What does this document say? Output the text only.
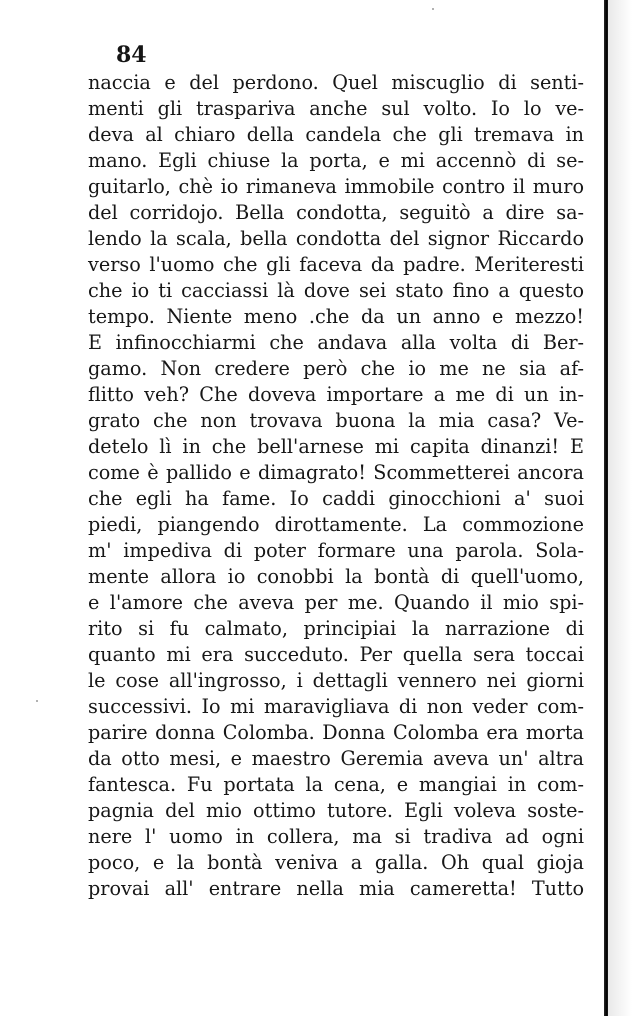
84
naccia e del perdono. Quel miscuglio di senti-
menti gli traspariva anche sul volto. Io lo ve-
deva al chiaro della candela che gli tremava in
mano. Egli chiuse la porta, e mi accennò di se-
guitarlo, chè io rimaneva immobile contro il muro
del corridojo. Bella condotta, seguitò a dire sa-
lendo la scala, bella condotta del signor Riccardo
verso l'uomo che gli faceva da padre. Meriteresti
che io ti cacciassi là dove sei stato fino a questo
tempo. Niente meno .che da un anno e mezzo!
E infinocchiarmi che andava alla volta di Ber-
gamo. Non credere però che io me ne sia af-
flitto veh? Che doveva importare a me di un in-
grato che non trovava buona la mia casa? Ve-
detelo lì in che bell'arnese mi capita dinanzi! E
come è pallido e dimagrato! Scommetterei ancora
che egli ha fame. Io caddi ginocchioni a' suoi
piedi, piangendo dirottamente. La commozione
m' impediva di poter formare una parola. Sola-
mente allora io conobbi la bontà di quell'uomo,
e l'amore che aveva per me. Quando il mio spi-
rito si fu calmato, principiai la narrazione di
quanto mi era succeduto. Per quella sera toccai
le cose all'ingrosso, i dettagli vennero nei giorni
successivi. Io mi maravigliava di non veder com-
parire donna Colomba. Donna Colomba era morta
da otto mesi, e maestro Geremia aveva un' altra
fantesca. Fu portata la cena, e mangiai in com-
pagnia del mio ottimo tutore. Egli voleva soste-
nere l' uomo in collera, ma si tradiva ad ogni
poco, e la bontà veniva a galla. Oh qual gioja
provai all' entrare nella mia cameretta! Tutto
